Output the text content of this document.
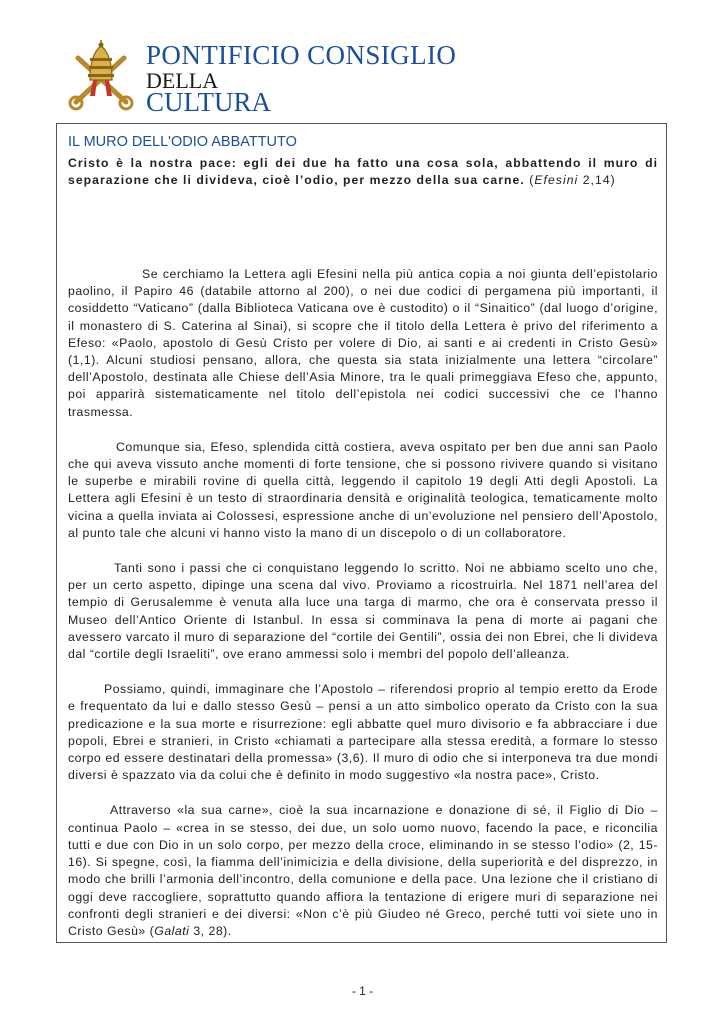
PONTIFICIO CONSIGLIO
DELLA
CULTURA
IL MURO DELL'ODIO ABBATTUTO
Cristo è la nostra pace: egli dei due ha fatto una cosa sola, abbattendo il muro di separazione che li divideva, cioè l’odio, per mezzo della sua carne. (Efesini 2,14)

Se cerchiamo la Lettera agli Efesini nella più antica copia a noi giunta dell’epistolario paolino, il Papiro 46 (databile attorno al 200), o nei due codici di pergamena più importanti, il cosiddetto “Vaticano” (dalla Biblioteca Vaticana ove è custodito) o il “Sinaitico” (dal luogo d’origine, il monastero di S. Caterina al Sinai), si scopre che il titolo della Lettera è privo del riferimento a Efeso: «Paolo, apostolo di Gesù Cristo per volere di Dio, ai santi e ai credenti in Cristo Gesù» (1,1). Alcuni studiosi pensano, allora, che questa sia stata inizialmente una lettera “circolare” dell’Apostolo, destinata alle Chiese dell’Asia Minore, tra le quali primeggiava Efeso che, appunto, poi apparirà sistematicamente nel titolo dell’epistola nei codici successivi che ce l’hanno trasmessa.

Comunque sia, Efeso, splendida città costiera, aveva ospitato per ben due anni san Paolo che qui aveva vissuto anche momenti di forte tensione, che si possono rivivere quando si visitano le superbe e mirabili rovine di quella città, leggendo il capitolo 19 degli Atti degli Apostoli. La Lettera agli Efesini è un testo di straordinaria densità e originalità teologica, tematicamente molto vicina a quella inviata ai Colossesi, espressione anche di un’evoluzione nel pensiero dell’Apostolo, al punto tale che alcuni vi hanno visto la mano di un discepolo o di un collaboratore.

Tanti sono i passi che ci conquistano leggendo lo scritto. Noi ne abbiamo scelto uno che, per un certo aspetto, dipinge una scena dal vivo. Proviamo a ricostruirla. Nel 1871 nell’area del tempio di Gerusalemme è venuta alla luce una targa di marmo, che ora è conservata presso il Museo dell’Antico Oriente di Istanbul. In essa si comminava la pena di morte ai pagani che avessero varcato il muro di separazione del “cortile dei Gentili”, ossia dei non Ebrei, che li divideva dal “cortile degli Israeliti”, ove erano ammessi solo i membri del popolo dell’alleanza.

Possiamo, quindi, immaginare che l’Apostolo – riferendosi proprio al tempio eretto da Erode e frequentato da lui e dallo stesso Gesù – pensi a un atto simbolico operato da Cristo con la sua predicazione e la sua morte e risurrezione: egli abbatte quel muro divisorio e fa abbracciare i due popoli, Ebrei e stranieri, in Cristo «chiamati a partecipare alla stessa eredità, a formare lo stesso corpo ed essere destinatari della promessa» (3,6). Il muro di odio che si interponeva tra due mondi diversi è spazzato via da colui che è definito in modo suggestivo «la nostra pace», Cristo.

Attraverso «la sua carne», cioè la sua incarnazione e donazione di sé, il Figlio di Dio – continua Paolo – «crea in se stesso, dei due, un solo uomo nuovo, facendo la pace, e riconcilia tutti e due con Dio in un solo corpo, per mezzo della croce, eliminando in se stesso l’odio» (2, 15-16). Si spegne, così, la fiamma dell’inimicizia e della divisione, della superiorità e del disprezzo, in modo che brilli l’armonia dell’incontro, della comunione e della pace. Una lezione che il cristiano di oggi deve raccogliere, soprattutto quando affiora la tentazione di erigere muri di separazione nei confronti degli stranieri e dei diversi: «Non c’è più Giudeo né Greco, perché tutti voi siete uno in Cristo Gesù» (Galati 3, 28).

- 1 -
